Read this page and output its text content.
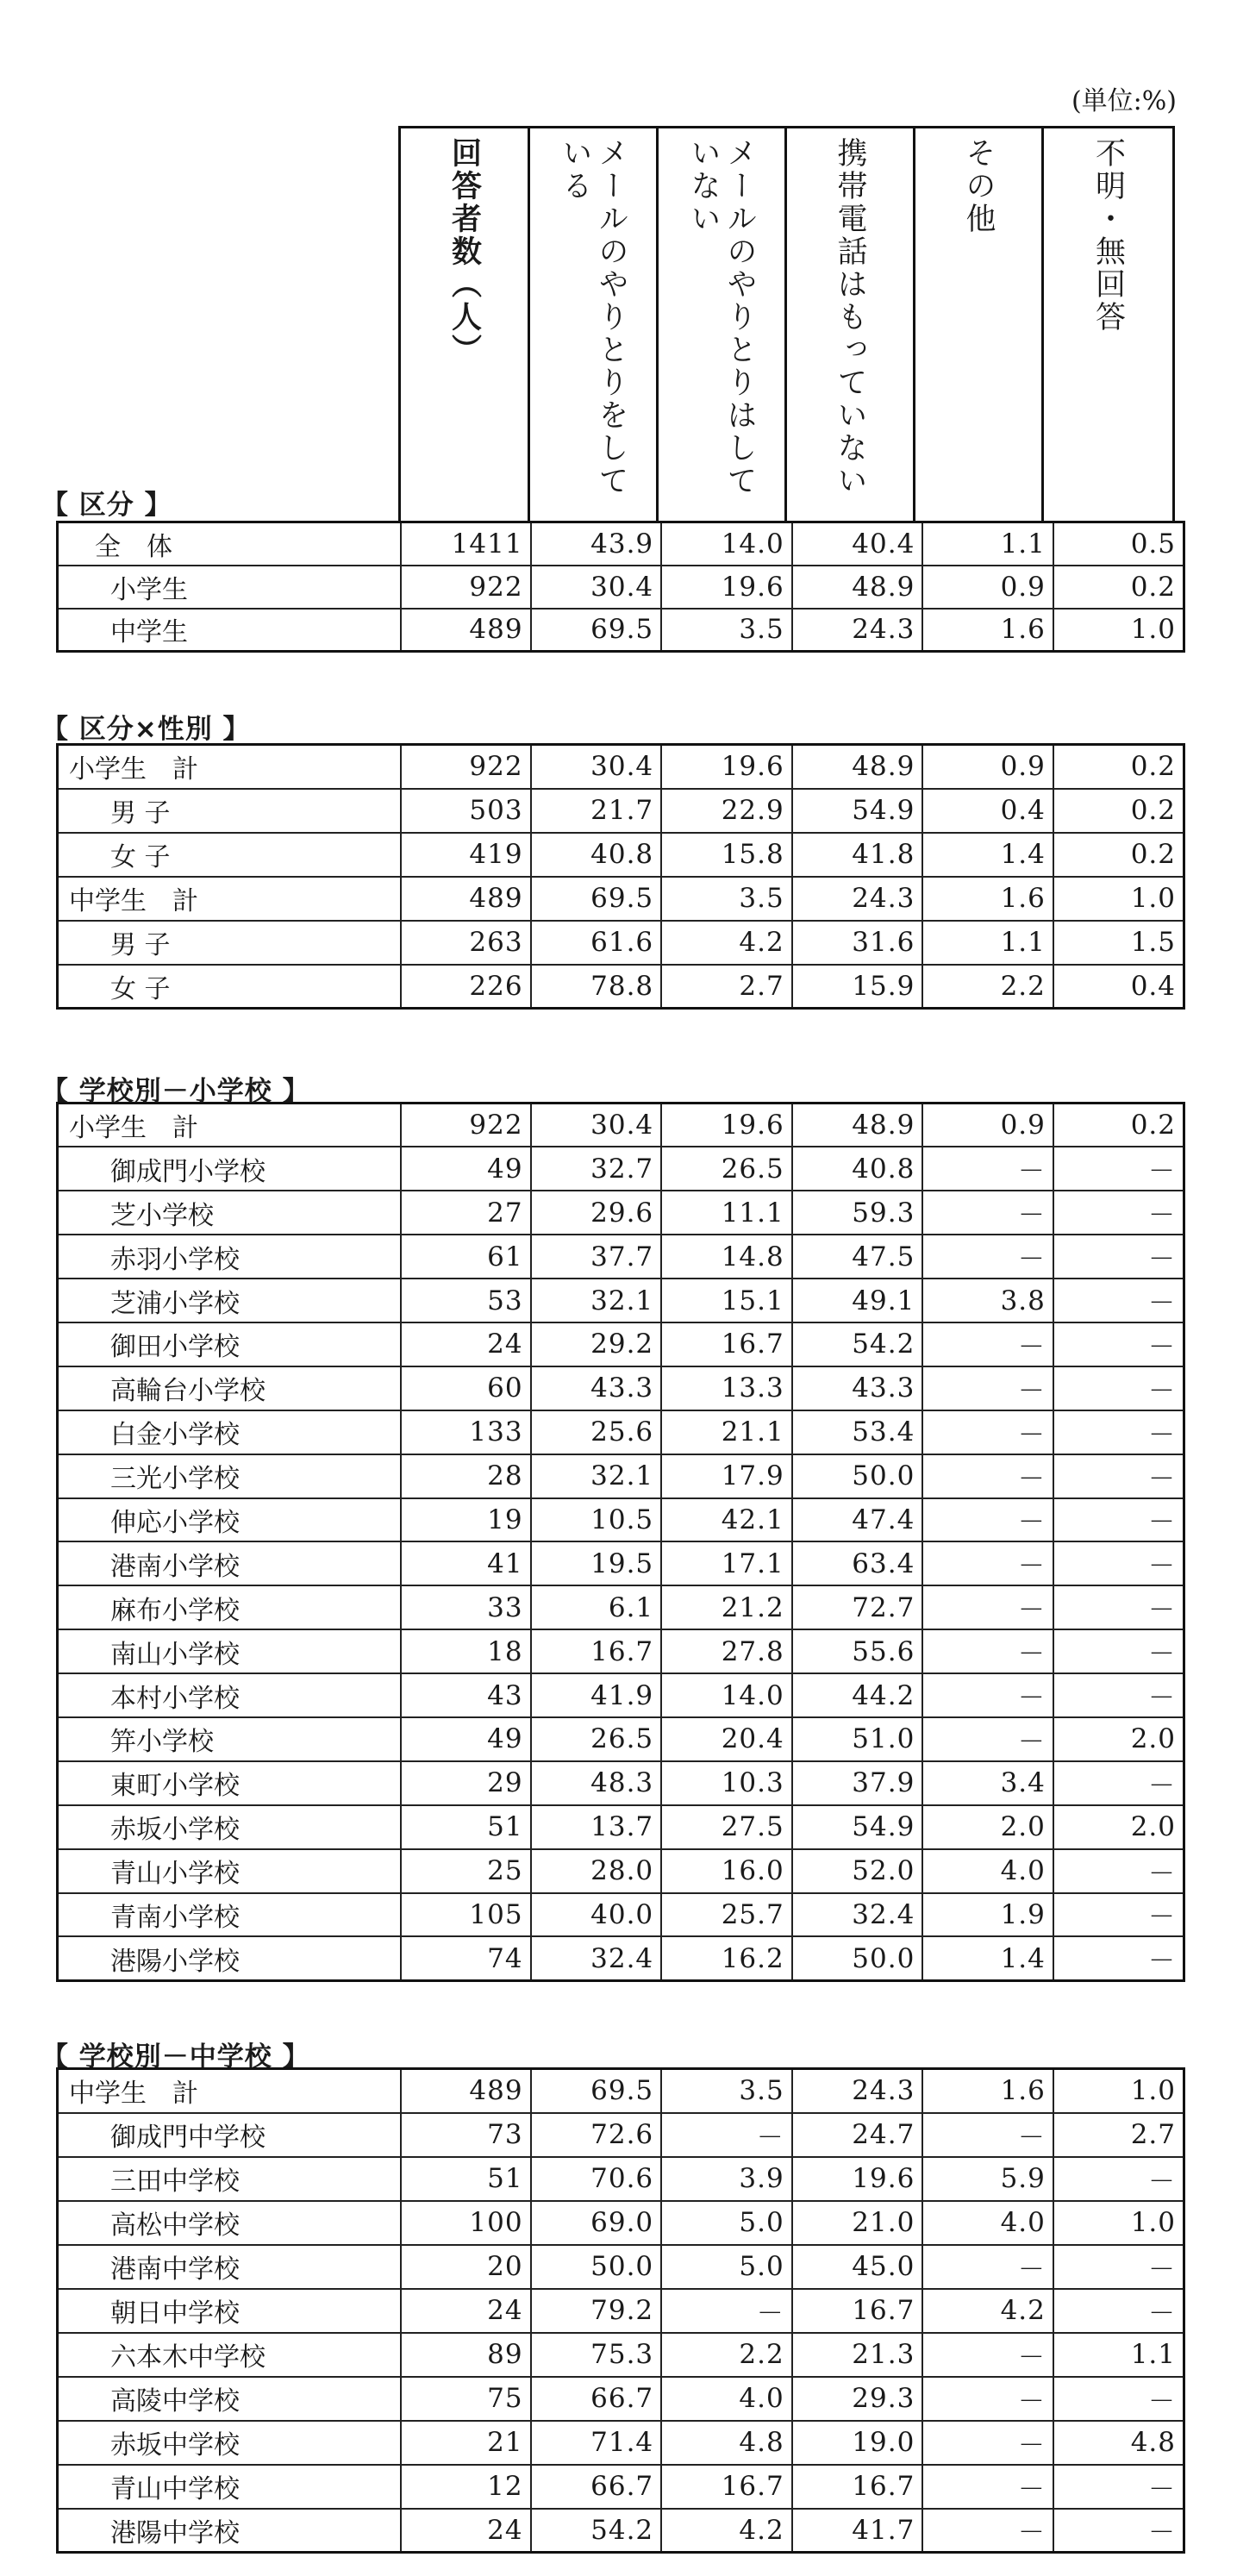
(単位:%)
回答者数︵人︶	メールのやりとりをしている	メールのやりとりはしていない	携帯電話はもっていない	その他	不明・無回答
【 区分 】
全　体	1411	43.9	14.0	40.4	1.1	0.5
小学生	922	30.4	19.6	48.9	0.9	0.2
中学生	489	69.5	3.5	24.3	1.6	1.0
【 区分×性別 】
小学生　計	922	30.4	19.6	48.9	0.9	0.2
男 子	503	21.7	22.9	54.9	0.4	0.2
女 子	419	40.8	15.8	41.8	1.4	0.2
中学生　計	489	69.5	3.5	24.3	1.6	1.0
男 子	263	61.6	4.2	31.6	1.1	1.5
女 子	226	78.8	2.7	15.9	2.2	0.4
【 学校別－小学校 】
小学生　計	922	30.4	19.6	48.9	0.9	0.2
御成門小学校	49	32.7	26.5	40.8	－	－
芝小学校	27	29.6	11.1	59.3	－	－
赤羽小学校	61	37.7	14.8	47.5	－	－
芝浦小学校	53	32.1	15.1	49.1	3.8	－
御田小学校	24	29.2	16.7	54.2	－	－
高輪台小学校	60	43.3	13.3	43.3	－	－
白金小学校	133	25.6	21.1	53.4	－	－
三光小学校	28	32.1	17.9	50.0	－	－
伸応小学校	19	10.5	42.1	47.4	－	－
港南小学校	41	19.5	17.1	63.4	－	－
麻布小学校	33	6.1	21.2	72.7	－	－
南山小学校	18	16.7	27.8	55.6	－	－
本村小学校	43	41.9	14.0	44.2	－	－
笄小学校	49	26.5	20.4	51.0	－	2.0
東町小学校	29	48.3	10.3	37.9	3.4	－
赤坂小学校	51	13.7	27.5	54.9	2.0	2.0
青山小学校	25	28.0	16.0	52.0	4.0	－
青南小学校	105	40.0	25.7	32.4	1.9	－
港陽小学校	74	32.4	16.2	50.0	1.4	－
【 学校別－中学校 】
中学生　計	489	69.5	3.5	24.3	1.6	1.0
御成門中学校	73	72.6	－	24.7	－	2.7
三田中学校	51	70.6	3.9	19.6	5.9	－
高松中学校	100	69.0	5.0	21.0	4.0	1.0
港南中学校	20	50.0	5.0	45.0	－	－
朝日中学校	24	79.2	－	16.7	4.2	－
六本木中学校	89	75.3	2.2	21.3	－	1.1
高陵中学校	75	66.7	4.0	29.3	－	－
赤坂中学校	21	71.4	4.8	19.0	－	4.8
青山中学校	12	66.7	16.7	16.7	－	－
港陽中学校	24	54.2	4.2	41.7	－	－
